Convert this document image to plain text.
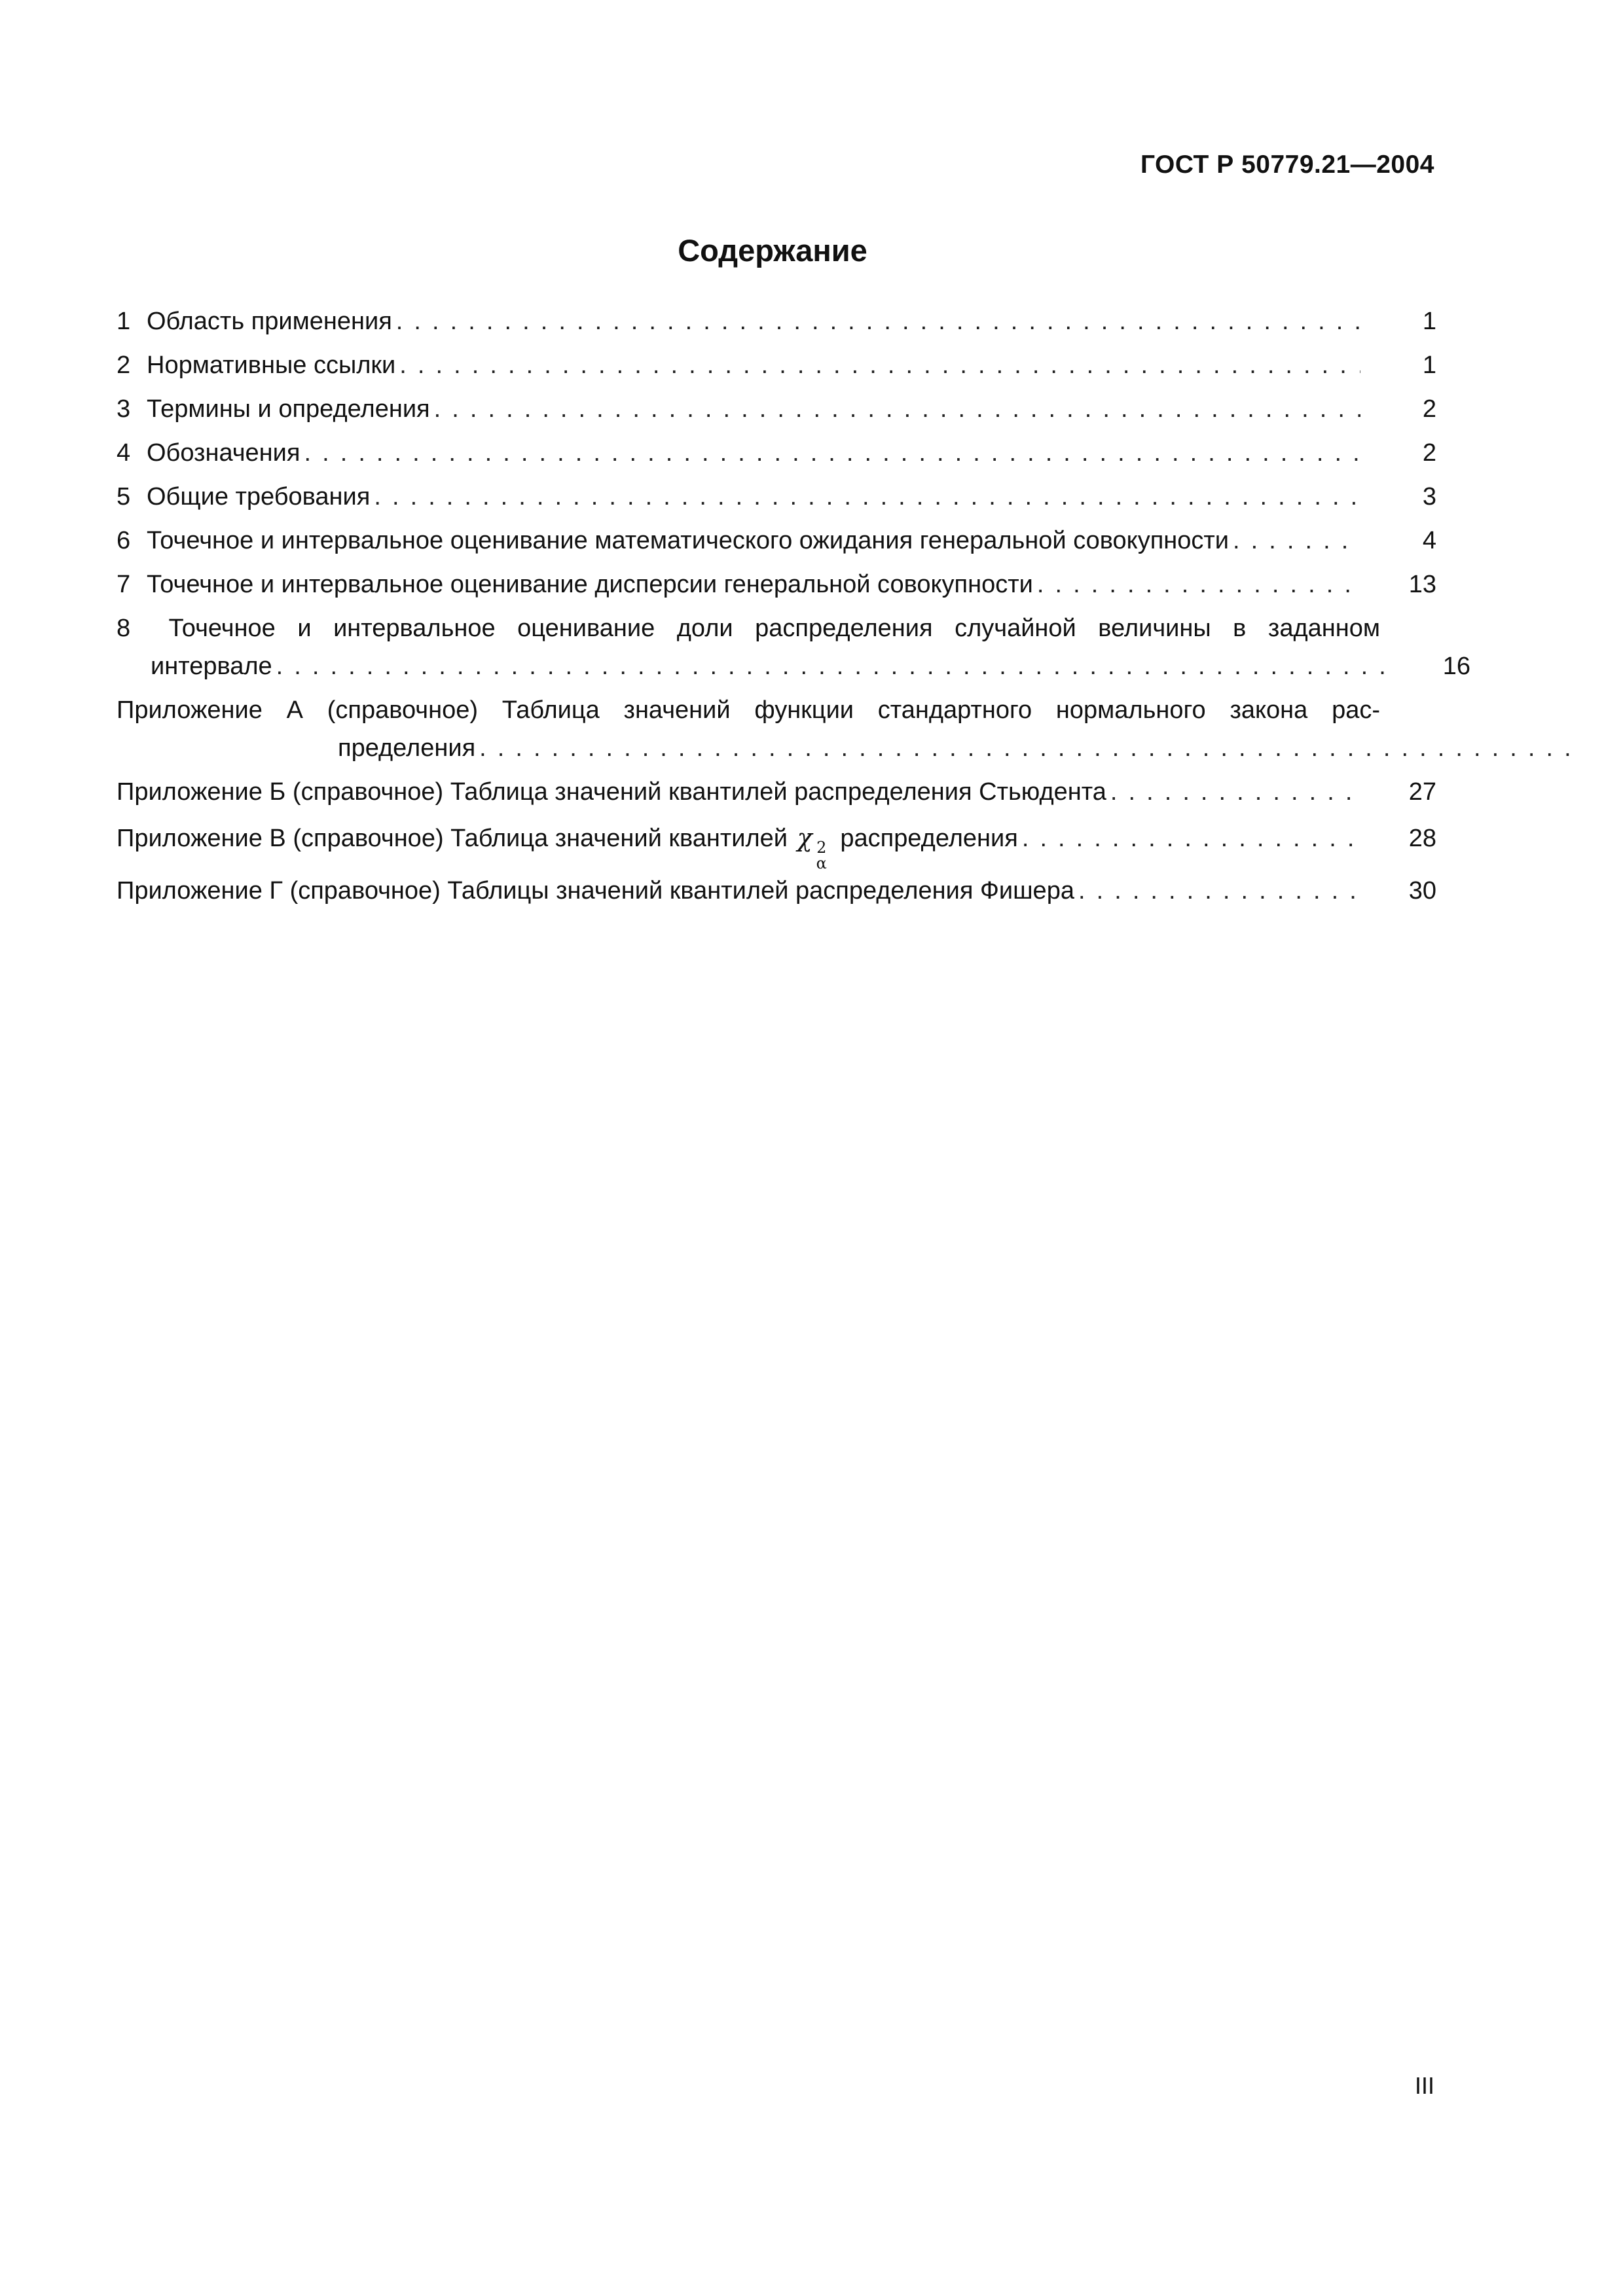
ГОСТ Р 50779.21—2004
Содержание
1 Область применения . . .	1
2 Нормативные ссылки . . .	1
3 Термины и определения . . .	2
4 Обозначения . . .	2
5 Общие требования . . .	3
6 Точечное и интервальное оценивание математического ожидания генеральной совокупности . . .	4
7 Точечное и интервальное оценивание дисперсии генеральной совокупности . . .	13
8 Точечное и интервальное оценивание доли распределения случайной величины в заданном
интервале . . .	16
Приложение А (справочное) Таблица значений функции стандартного нормального закона рас-
пределения
. . .
Приложение Б (справочное) Таблица значений квантилей распределения Стьюдента . . .	27
Приложение В (справочное) Таблица значений квантилей χ 2
α
распределения . . .	28
Приложение Г (справочное) Таблицы значений квантилей распределения Фишера . . .	30
III
